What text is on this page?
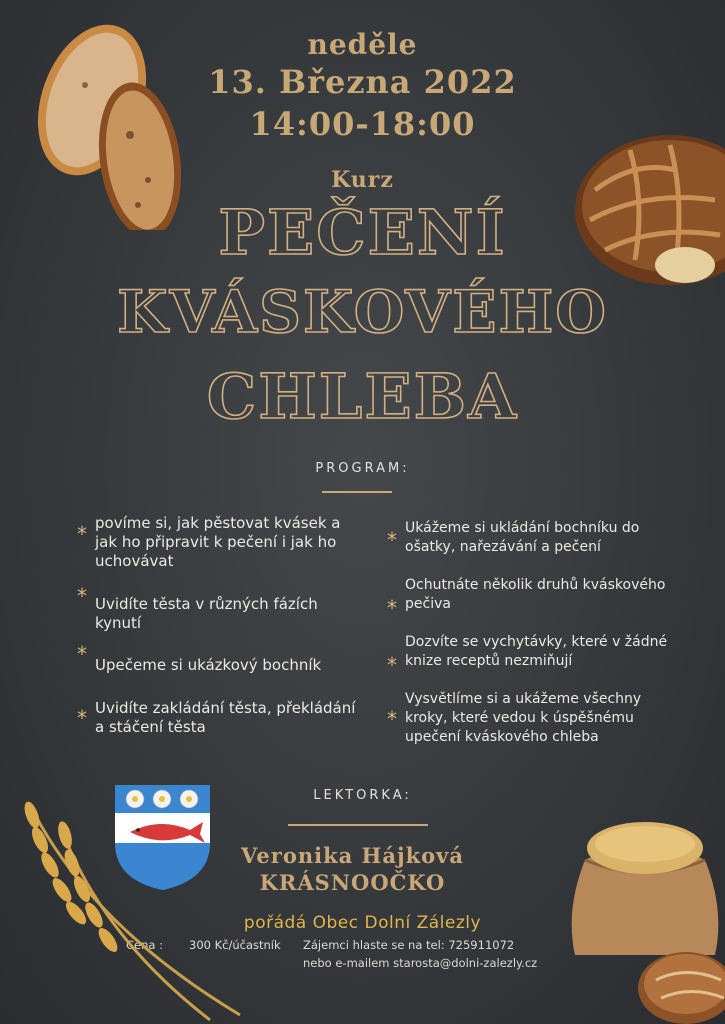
neděle
13. Března 2022
14:00-18:00
Kurz
PEČENÍ
KVÁSKOVÉHO
CHLEBA
PROGRAM:
* povíme si, jak pěstovat kvásek a jak ho připravit k pečení i jak ho uchovávat
* Uvidíte těsta v různých fázích kynutí
* Upečeme si ukázkový bochník
* Uvidíte zakládání těsta, překládání a stáčení těsta
* Ukážeme si ukládání bochníku do ošatky, nařezávání a pečení
*
Ochutnáte několik druhů kváskového pečiva
*
Dozvíte se vychytávky, které v žádné knize receptů nezmiňují
*
Vysvětlíme si a ukážeme všechny kroky, které vedou k úspěšnému upečení kváskového chleba
LEKTORKA:
Veronika Hájková
KRÁSNOOČKO
pořádá Obec Dolní Zálezly
Cena : 300 Kč/účastník Zájemci hlaste se na tel: 725911072
nebo e-mailem starosta@dolni-zalezly.cz
